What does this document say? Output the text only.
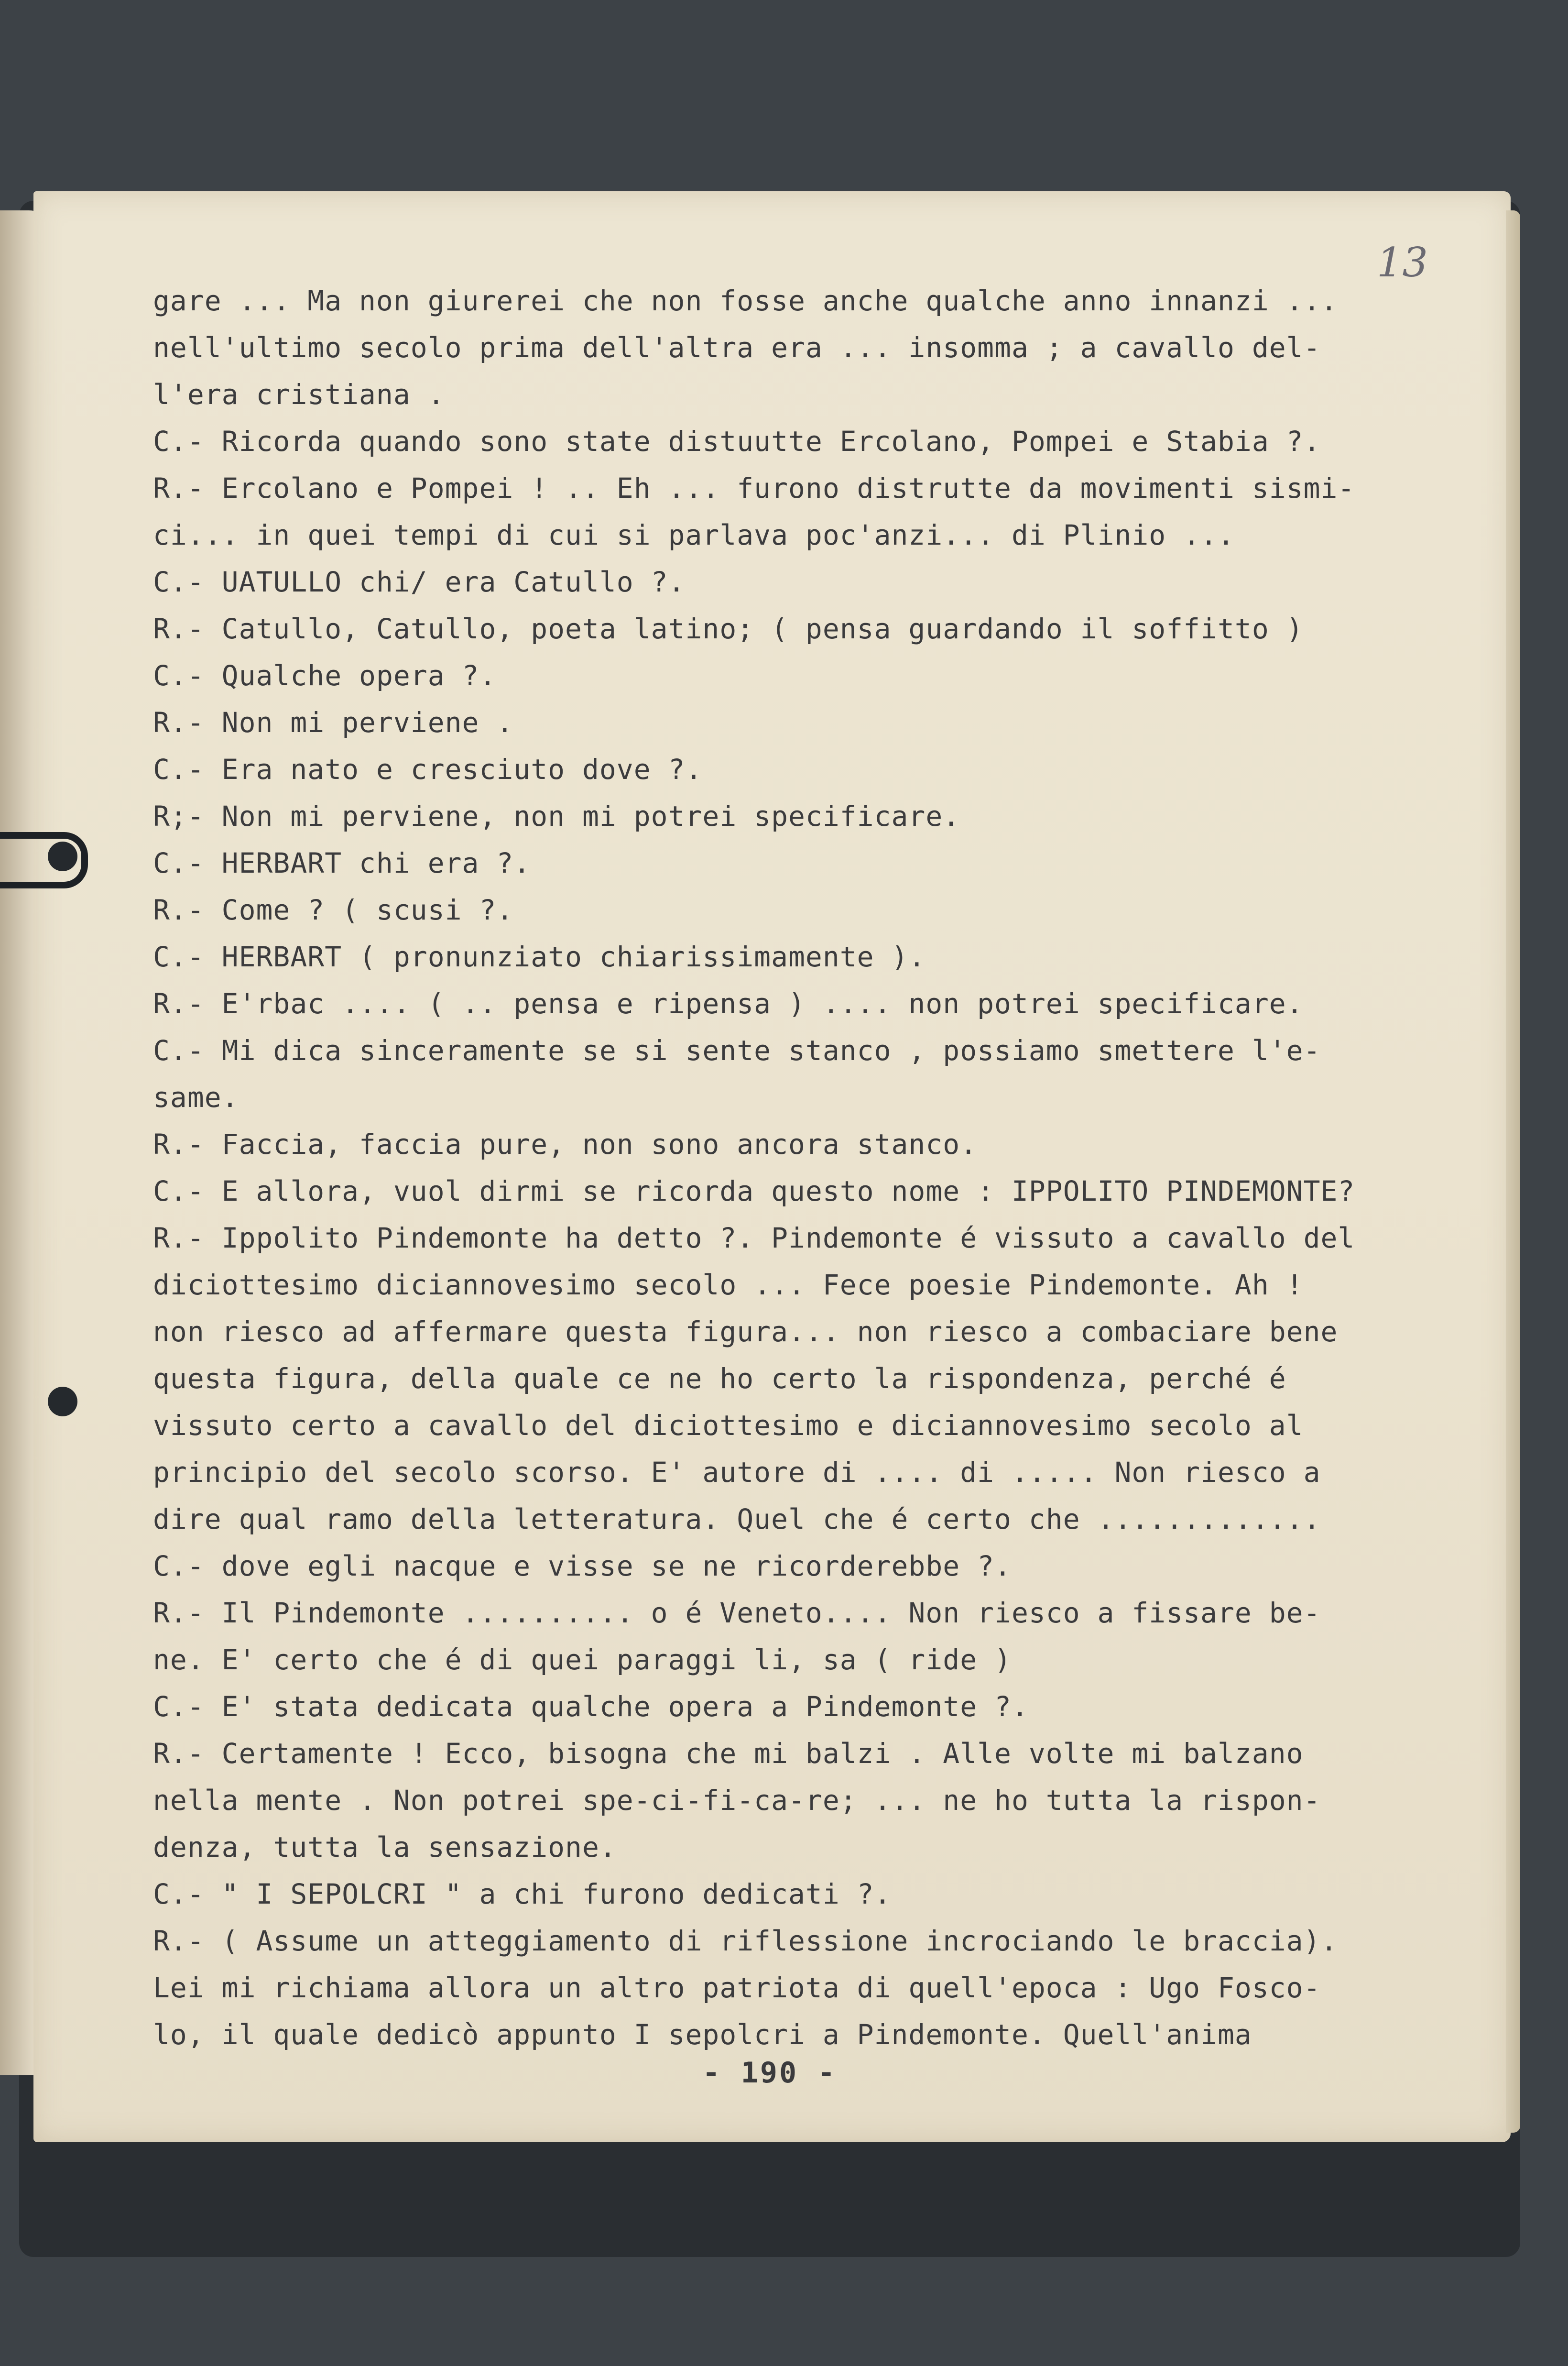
13
gare ... Ma non giurerei che non fosse anche qualche anno innanzi ...
nell'ultimo secolo prima dell'altra era ... insomma ; a cavallo del-
l'era cristiana .
C.- Ricorda quando sono state distuutte Ercolano, Pompei e Stabia ?.
R.- Ercolano e Pompei ! .. Eh ... furono distrutte da movimenti sismi-
ci... in quei tempi di cui si parlava poc'anzi... di Plinio ...
C.- UATULLO chi/ era Catullo ?.
R.- Catullo, Catullo, poeta latino; ( pensa guardando il soffitto )
C.- Qualche opera ?.
R.- Non mi perviene .
C.- Era nato e cresciuto dove ?.
R;- Non mi perviene, non mi potrei specificare.
C.- HERBART chi era ?.
R.- Come ? ( scusi ?.
C.- HERBART ( pronunziato chiarissimamente ).
R.- E'rbac .... ( .. pensa e ripensa ) .... non potrei specificare.
C.- Mi dica sinceramente se si sente stanco , possiamo smettere l'e-
same.
R.- Faccia, faccia pure, non sono ancora stanco.
C.- E allora, vuol dirmi se ricorda questo nome : IPPOLITO PINDEMONTE?
R.- Ippolito Pindemonte ha detto ?. Pindemonte é vissuto a cavallo del
diciottesimo diciannovesimo secolo ... Fece poesie Pindemonte. Ah !
non riesco ad affermare questa figura... non riesco a combaciare bene
questa figura, della quale ce ne ho certo la rispondenza, perché é
vissuto certo a cavallo del diciottesimo e diciannovesimo secolo al
principio del secolo scorso. E' autore di .... di ..... Non riesco a
dire qual ramo della letteratura. Quel che é certo che .............
C.- dove egli nacque e visse se ne ricorderebbe ?.
R.- Il Pindemonte .......... o é Veneto.... Non riesco a fissare be-
ne. E' certo che é di quei paraggi li, sa ( ride )
C.- E' stata dedicata qualche opera a Pindemonte ?.
R.- Certamente ! Ecco, bisogna che mi balzi . Alle volte mi balzano
nella mente . Non potrei spe-ci-fi-ca-re; ... ne ho tutta la rispon-
denza, tutta la sensazione.
C.- " I SEPOLCRI " a chi furono dedicati ?.
R.- ( Assume un atteggiamento di riflessione incrociando le braccia).
Lei mi richiama allora un altro patriota di quell'epoca : Ugo Fosco-
lo, il quale dedicò appunto I sepolcri a Pindemonte. Quell'anima
- 190 -
